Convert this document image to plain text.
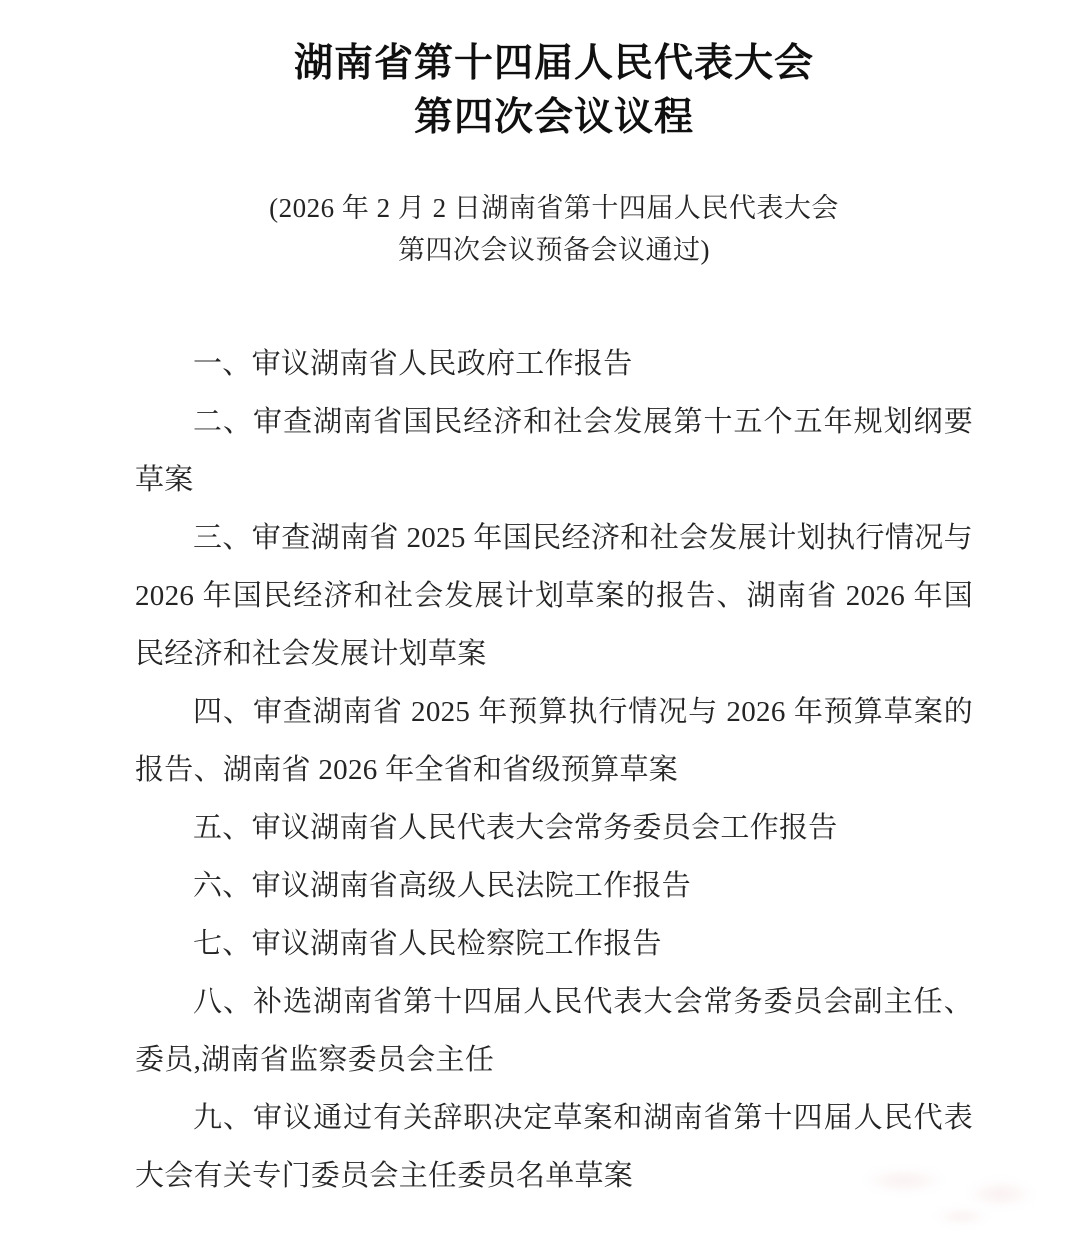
湖南省第十四届人民代表大会
第四次会议议程
(2026 年 2 月 2 日湖南省第十四届人民代表大会
第四次会议预备会议通过)

一、审议湖南省人民政府工作报告

二、审查湖南省国民经济和社会发展第十五个五年规划纲要草案

三、审查湖南省 2025 年国民经济和社会发展计划执行情况与 2026 年国民经济和社会发展计划草案的报告、湖南省 2026 年国民经济和社会发展计划草案

四、审查湖南省 2025 年预算执行情况与 2026 年预算草案的报告、湖南省 2026 年全省和省级预算草案

五、审议湖南省人民代表大会常务委员会工作报告

六、审议湖南省高级人民法院工作报告

七、审议湖南省人民检察院工作报告

八、补选湖南省第十四届人民代表大会常务委员会副主任、委员,湖南省监察委员会主任

九、审议通过有关辞职决定草案和湖南省第十四届人民代表大会有关专门委员会主任委员名单草案
